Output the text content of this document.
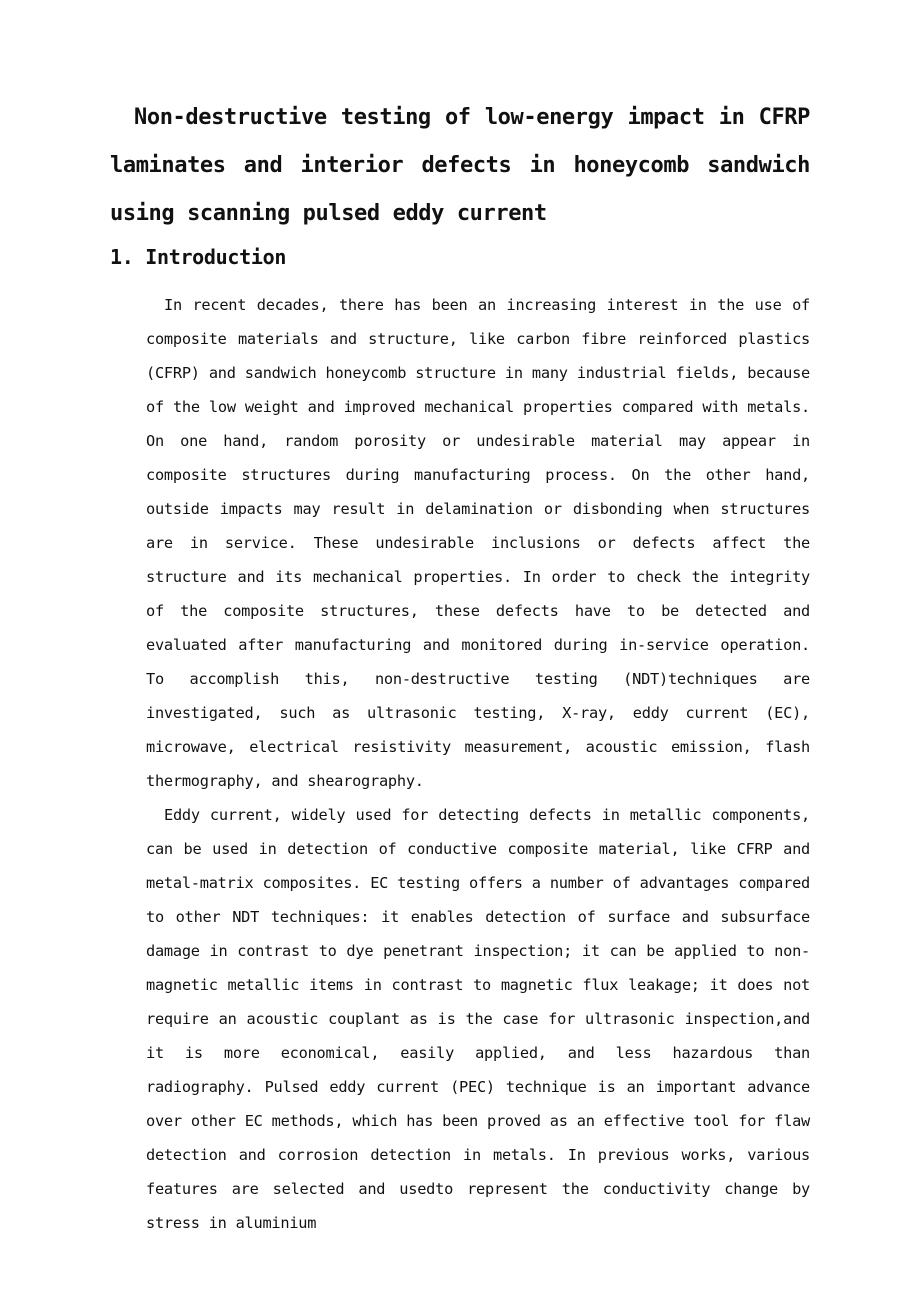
Non-destructive testing of low-energy impact in CFRP laminates and interior defects in honeycomb sandwich using scanning pulsed eddy current
1. Introduction

In recent decades, there has been an increasing interest in the use of composite materials and structure, like carbon fibre reinforced plastics (CFRP) and sandwich honeycomb structure in many industrial fields, because of the low weight and improved mechanical properties compared with metals. On one hand, random porosity or undesirable material may appear in composite structures during manufacturing process. On the other hand, outside impacts may result in delamination or disbonding when structures are in service. These undesirable inclusions or defects affect the structure and its mechanical properties. In order to check the integrity of the composite structures, these defects have to be detected and evaluated after manufacturing and monitored during in-service operation. To accomplish this, non-destructive testing (NDT)techniques are investigated, such as ultrasonic testing, X-ray, eddy current (EC), microwave, electrical resistivity measurement, acoustic emission, flash thermography, and shearography.

Eddy current, widely used for detecting defects in metallic components, can be used in detection of conductive composite material, like CFRP and metal‑matrix composites. EC testing offers a number of advantages compared to other NDT techniques: it enables detection of surface and subsurface damage in contrast to dye penetrant inspection; it can be applied to non-magnetic metallic items in contrast to magnetic flux leakage; it does not require an acoustic couplant as is the case for ultrasonic inspection,and it is more economical, easily applied, and less hazardous than radiography. Pulsed eddy current (PEC) technique is an important advance over other EC methods, which has been proved as an effective tool for flaw detection and corrosion detection in metals. In previous works, various features are selected and usedto represent the conductivity change by stress in aluminium
